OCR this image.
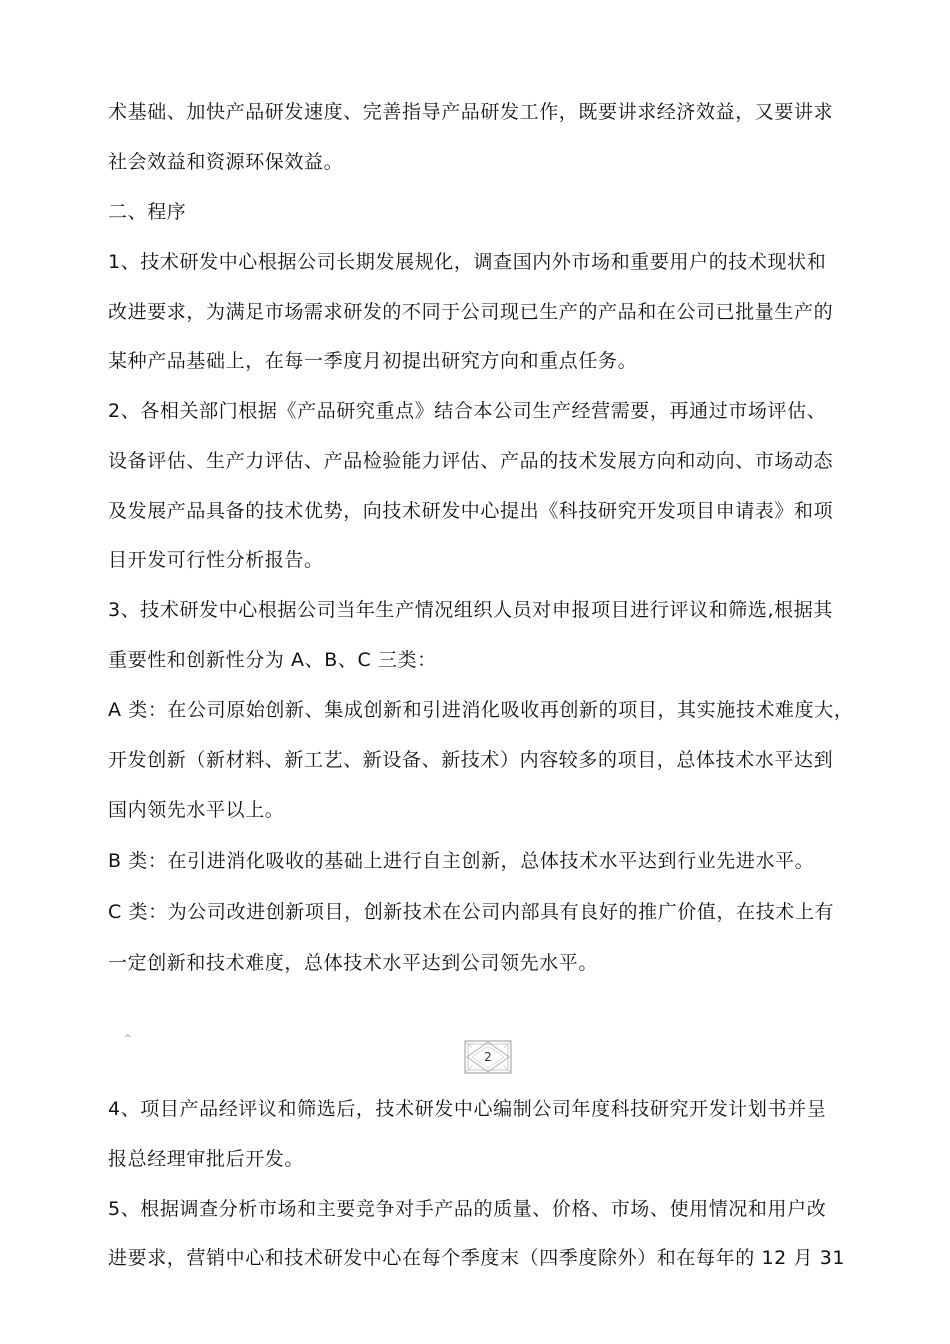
术基础、加快产品研发速度、完善指导产品研发工作，既要讲求经济效益，又要讲求
社会效益和资源环保效益。
二、程序
1、技术研发中心根据公司长期发展规化，调查国内外市场和重要用户的技术现状和
改进要求，为满足市场需求研发的不同于公司现已生产的产品和在公司已批量生产的
某种产品基础上，在每一季度月初提出研究方向和重点任务。
2、各相关部门根据《产品研究重点》结合本公司生产经营需要，再通过市场评估、
设备评估、生产力评估、产品检验能力评估、产品的技术发展方向和动向、市场动态
及发展产品具备的技术优势，向技术研发中心提出《科技研究开发项目申请表》和项
目开发可行性分析报告。
3、技术研发中心根据公司当年生产情况组织人员对申报项目进行评议和筛选,根据其
重要性和创新性分为 A、B、C 三类：
A 类：在公司原始创新、集成创新和引进消化吸收再创新的项目，其实施技术难度大，
开发创新（新材料、新工艺、新设备、新技术）内容较多的项目，总体技术水平达到
国内领先水平以上。
B 类：在引进消化吸收的基础上进行自主创新，总体技术水平达到行业先进水平。
C 类：为公司改进创新项目，创新技术在公司内部具有良好的推广价值，在技术上有
一定创新和技术难度，总体技术水平达到公司领先水平。
^
2
4、项目产品经评议和筛选后，技术研发中心编制公司年度科技研究开发计划书并呈
报总经理审批后开发。
5、根据调查分析市场和主要竞争对手产品的质量、价格、市场、使用情况和用户改
进要求，营销中心和技术研发中心在每个季度末（四季度除外）和在每年的 12 月 31
